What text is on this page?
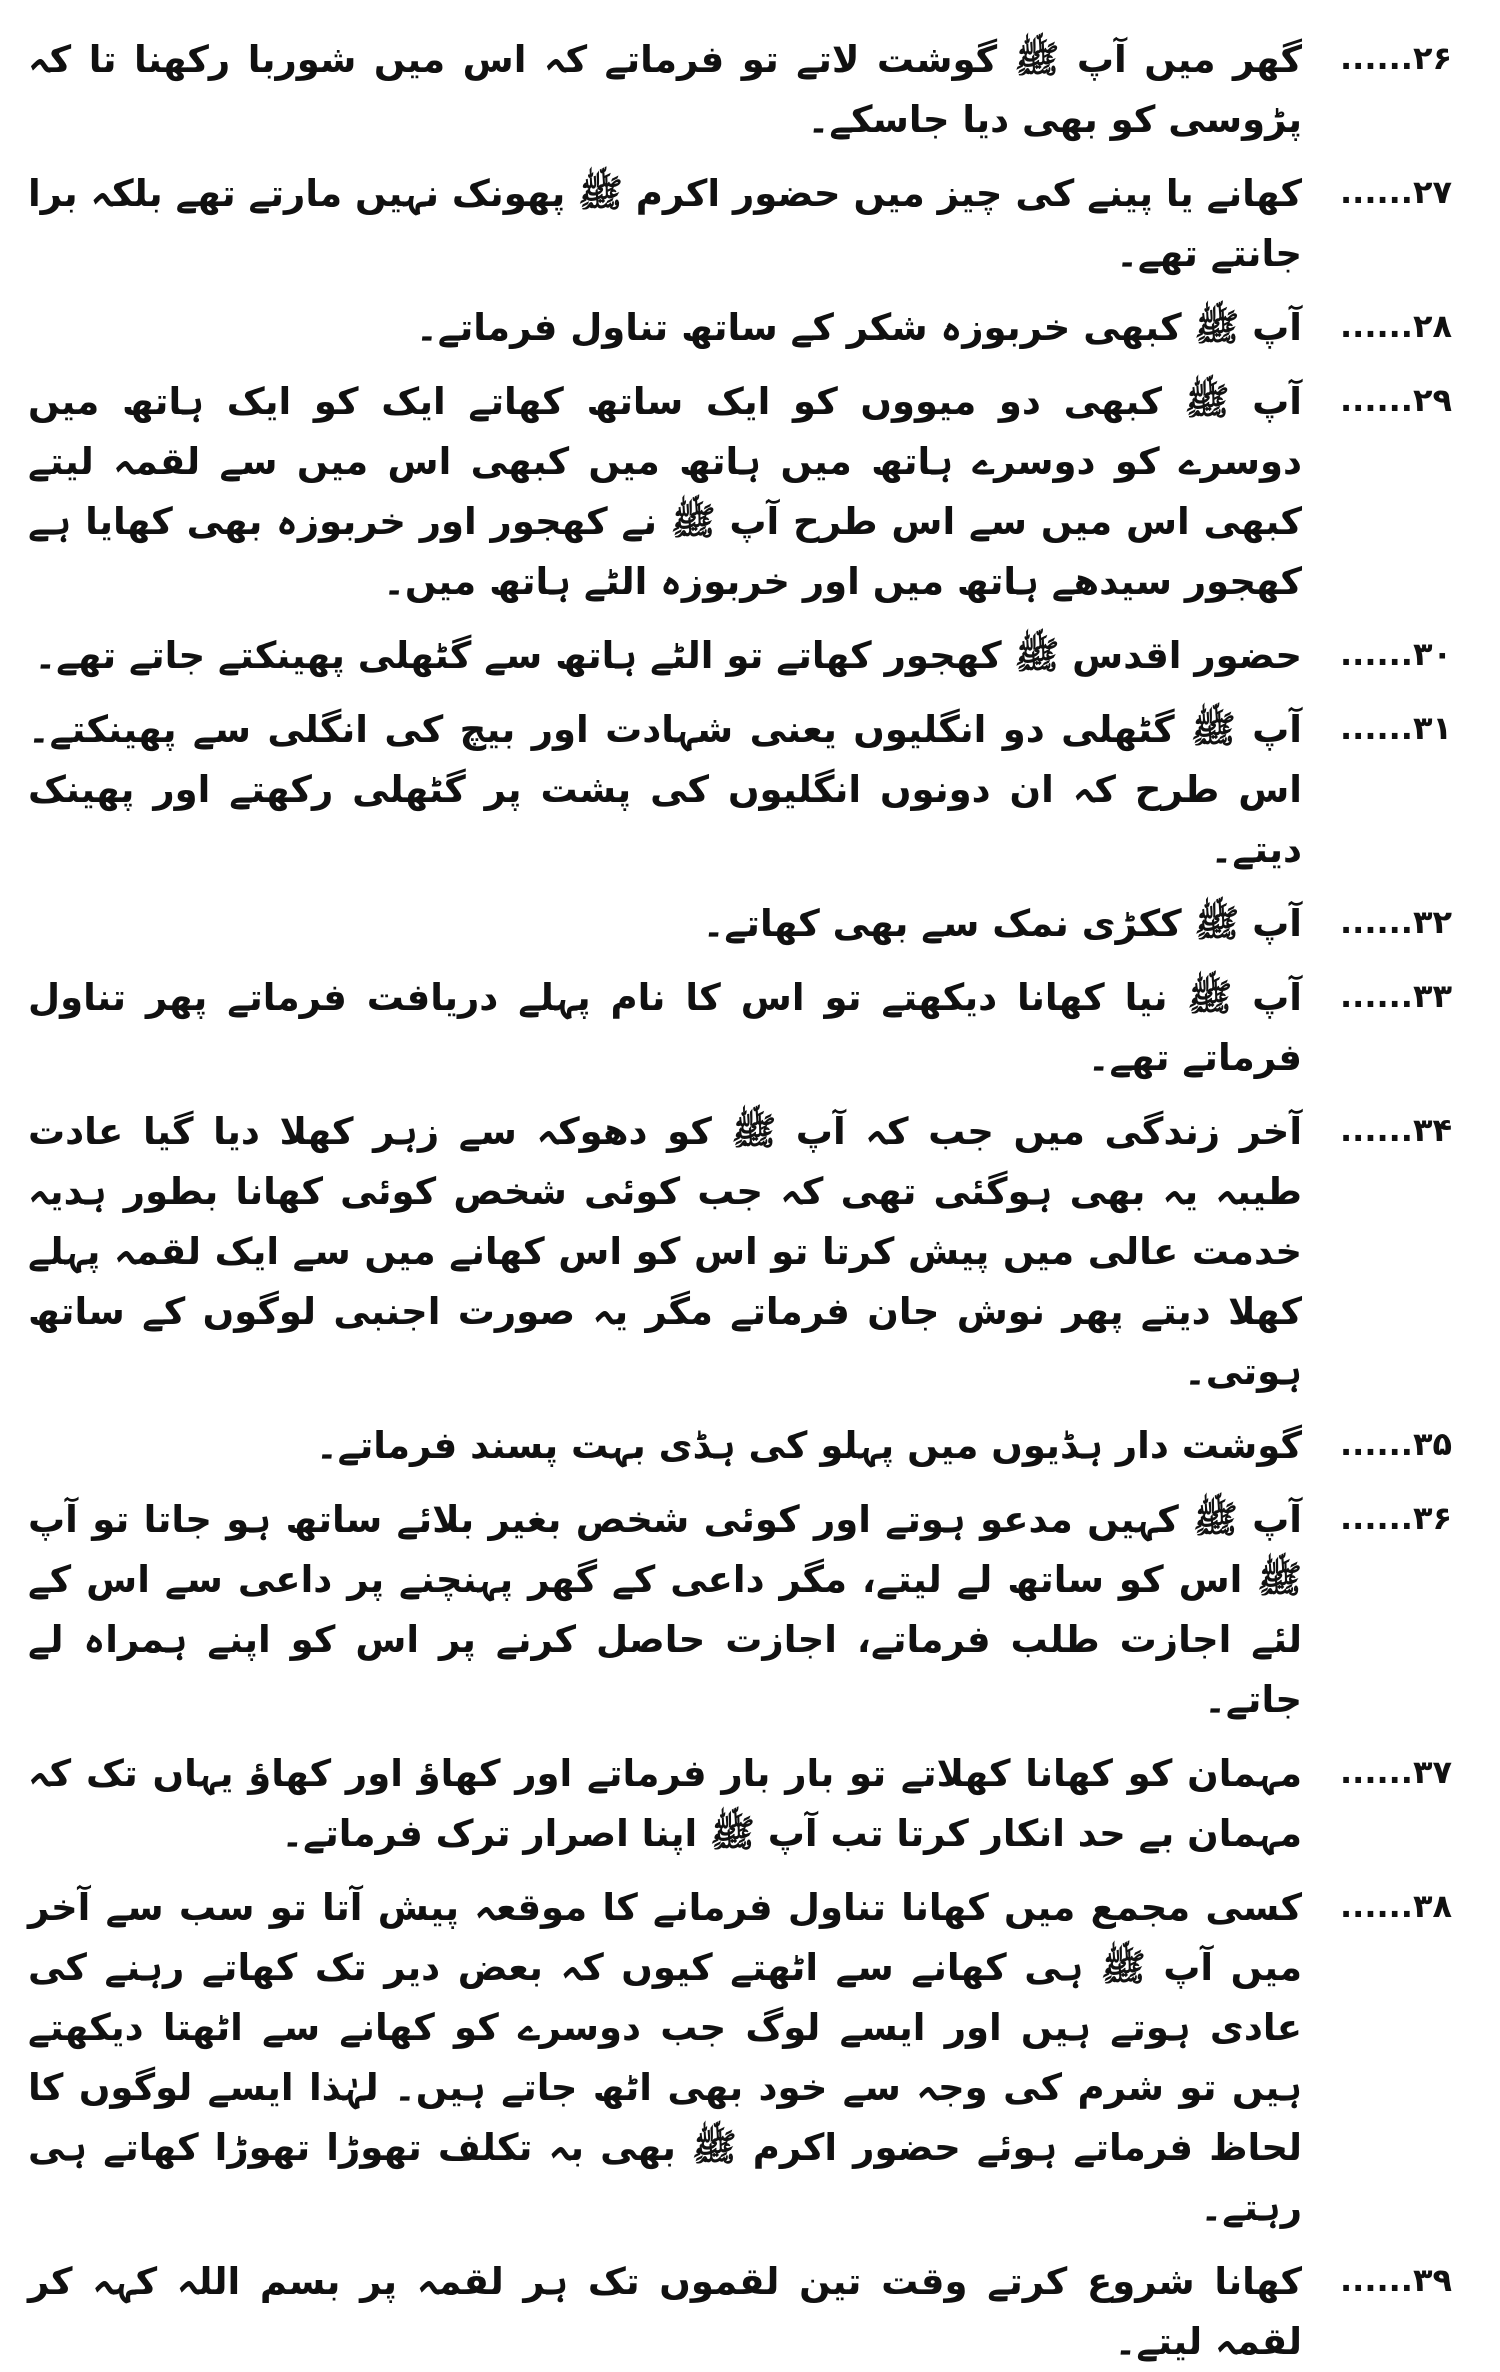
۲۶......
گھر میں آپ ﷺ گوشت لاتے تو فرماتے کہ اس میں شوربا رکھنا تا کہ پڑوسی کو بھی دیا جاسکے۔
۲۷......
کھانے یا پینے کی چیز میں حضور اکرم ﷺ پھونک نہیں مارتے تھے بلکہ برا جانتے تھے۔
۲۸......
آپ ﷺ کبھی خربوزہ شکر کے ساتھ تناول فرماتے۔
۲۹......
آپ ﷺ کبھی دو میووں کو ایک ساتھ کھاتے ایک کو ایک ہاتھ میں دوسرے کو دوسرے ہاتھ میں ہاتھ میں کبھی اس میں سے لقمہ لیتے کبھی اس میں سے اس طرح آپ ﷺ نے کھجور اور خربوزہ بھی کھایا ہے کھجور سیدھے ہاتھ میں اور خربوزہ الٹے ہاتھ میں۔
۳۰......
حضور اقدس ﷺ کھجور کھاتے تو الٹے ہاتھ سے گٹھلی پھینکتے جاتے تھے۔
۳۱......
آپ ﷺ گٹھلی دو انگلیوں یعنی شہادت اور بیچ کی انگلی سے پھینکتے۔ اس طرح کہ ان دونوں انگلیوں کی پشت پر گٹھلی رکھتے اور پھینک دیتے۔
۳۲......
آپ ﷺ ککڑی نمک سے بھی کھاتے۔
۳۳......
آپ ﷺ نیا کھانا دیکھتے تو اس کا نام پہلے دریافت فرماتے پھر تناول فرماتے تھے۔
۳۴......
آخر زندگی میں جب کہ آپ ﷺ کو دھوکہ سے زہر کھلا دیا گیا عادت طیبہ یہ بھی ہوگئی تھی کہ جب کوئی شخص کوئی کھانا بطور ہدیہ خدمت عالی میں پیش کرتا تو اس کو اس کھانے میں سے ایک لقمہ پہلے کھلا دیتے پھر نوش جان فرماتے مگر یہ صورت اجنبی لوگوں کے ساتھ ہوتی۔
۳۵......
گوشت دار ہڈیوں میں پہلو کی ہڈی بہت پسند فرماتے۔
۳۶......
آپ ﷺ کہیں مدعو ہوتے اور کوئی شخص بغیر بلائے ساتھ ہو جاتا تو آپ ﷺ اس کو ساتھ لے لیتے، مگر داعی کے گھر پہنچنے پر داعی سے اس کے لئے اجازت طلب فرماتے، اجازت حاصل کرنے پر اس کو اپنے ہمراہ لے جاتے۔
۳۷......
مہمان کو کھانا کھلاتے تو بار بار فرماتے اور کھاؤ اور کھاؤ یہاں تک کہ مہمان بے حد انکار کرتا تب آپ ﷺ اپنا اصرار ترک فرماتے۔
۳۸......
کسی مجمع میں کھانا تناول فرمانے کا موقعہ پیش آتا تو سب سے آخر میں آپ ﷺ ہی کھانے سے اٹھتے کیوں کہ بعض دیر تک کھاتے رہنے کی عادی ہوتے ہیں اور ایسے لوگ جب دوسرے کو کھانے سے اٹھتا دیکھتے ہیں تو شرم کی وجہ سے خود بھی اٹھ جاتے ہیں۔ لہٰذا ایسے لوگوں کا لحاظ فرماتے ہوئے حضور اکرم ﷺ بھی بہ تکلف تھوڑا تھوڑا کھاتے ہی رہتے۔
۳۹......
کھانا شروع کرتے وقت تین لقموں تک ہر لقمہ پر بسم اللہ کہہ کر لقمہ لیتے۔
